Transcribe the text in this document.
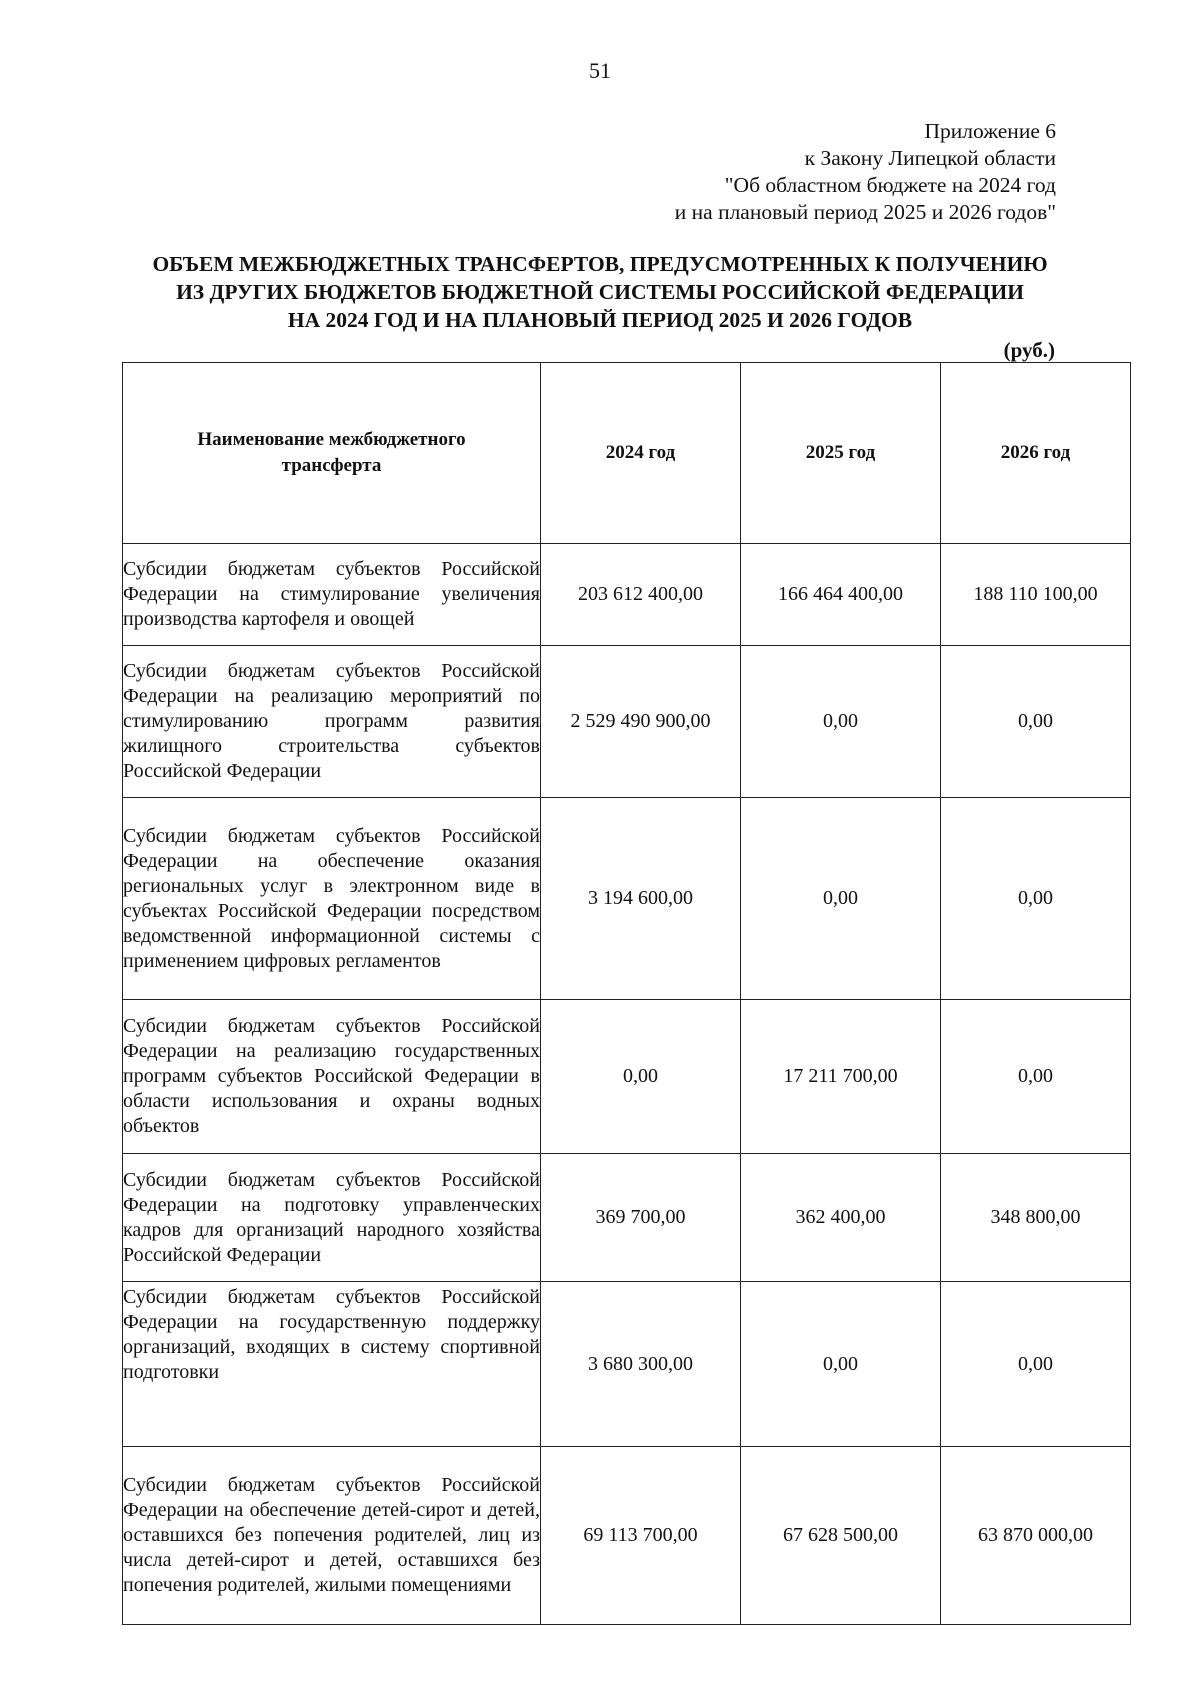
51
Приложение 6
к Закону Липецкой области
"Об областном бюджете на 2024 год
и на плановый период 2025 и 2026 годов"
ОБЪЕМ МЕЖБЮДЖЕТНЫХ ТРАНСФЕРТОВ, ПРЕДУСМОТРЕННЫХ К ПОЛУЧЕНИЮ
ИЗ ДРУГИХ БЮДЖЕТОВ БЮДЖЕТНОЙ СИСТЕМЫ РОССИЙСКОЙ ФЕДЕРАЦИИ
НА 2024 ГОД И НА ПЛАНОВЫЙ ПЕРИОД 2025 И 2026 ГОДОВ
(руб.)
Наименование межбюджетного трансферта	2024 год	2025 год	2026 год
Субсидии бюджетам субъектов Российской Федерации на стимулирование увеличения производства картофеля и овощей	203 612 400,00	166 464 400,00	188 110 100,00
Субсидии бюджетам субъектов Российской Федерации на реализацию мероприятий по стимулированию программ развития жилищного строительства субъектов Российской Федерации	2 529 490 900,00	0,00	0,00
Субсидии бюджетам субъектов Российской Федерации на обеспечение оказания региональных услуг в электронном виде в субъектах Российской Федерации посредством ведомственной информационной системы с применением цифровых регламентов	3 194 600,00	0,00	0,00
Субсидии бюджетам субъектов Российской Федерации на реализацию государственных программ субъектов Российской Федерации в области использования и охраны водных объектов	0,00	17 211 700,00	0,00
Субсидии бюджетам субъектов Российской Федерации на подготовку управленческих кадров для организаций народного хозяйства Российской Федерации	369 700,00	362 400,00	348 800,00
Субсидии бюджетам субъектов Российской Федерации на государственную поддержку организаций, входящих в систему спортивной подготовки	3 680 300,00	0,00	0,00
Субсидии бюджетам субъектов Российской Федерации на обеспечение детей-сирот и детей, оставшихся без попечения родителей, лиц из числа детей-сирот и детей, оставшихся без попечения родителей, жилыми помещениями	69 113 700,00	67 628 500,00	63 870 000,00
